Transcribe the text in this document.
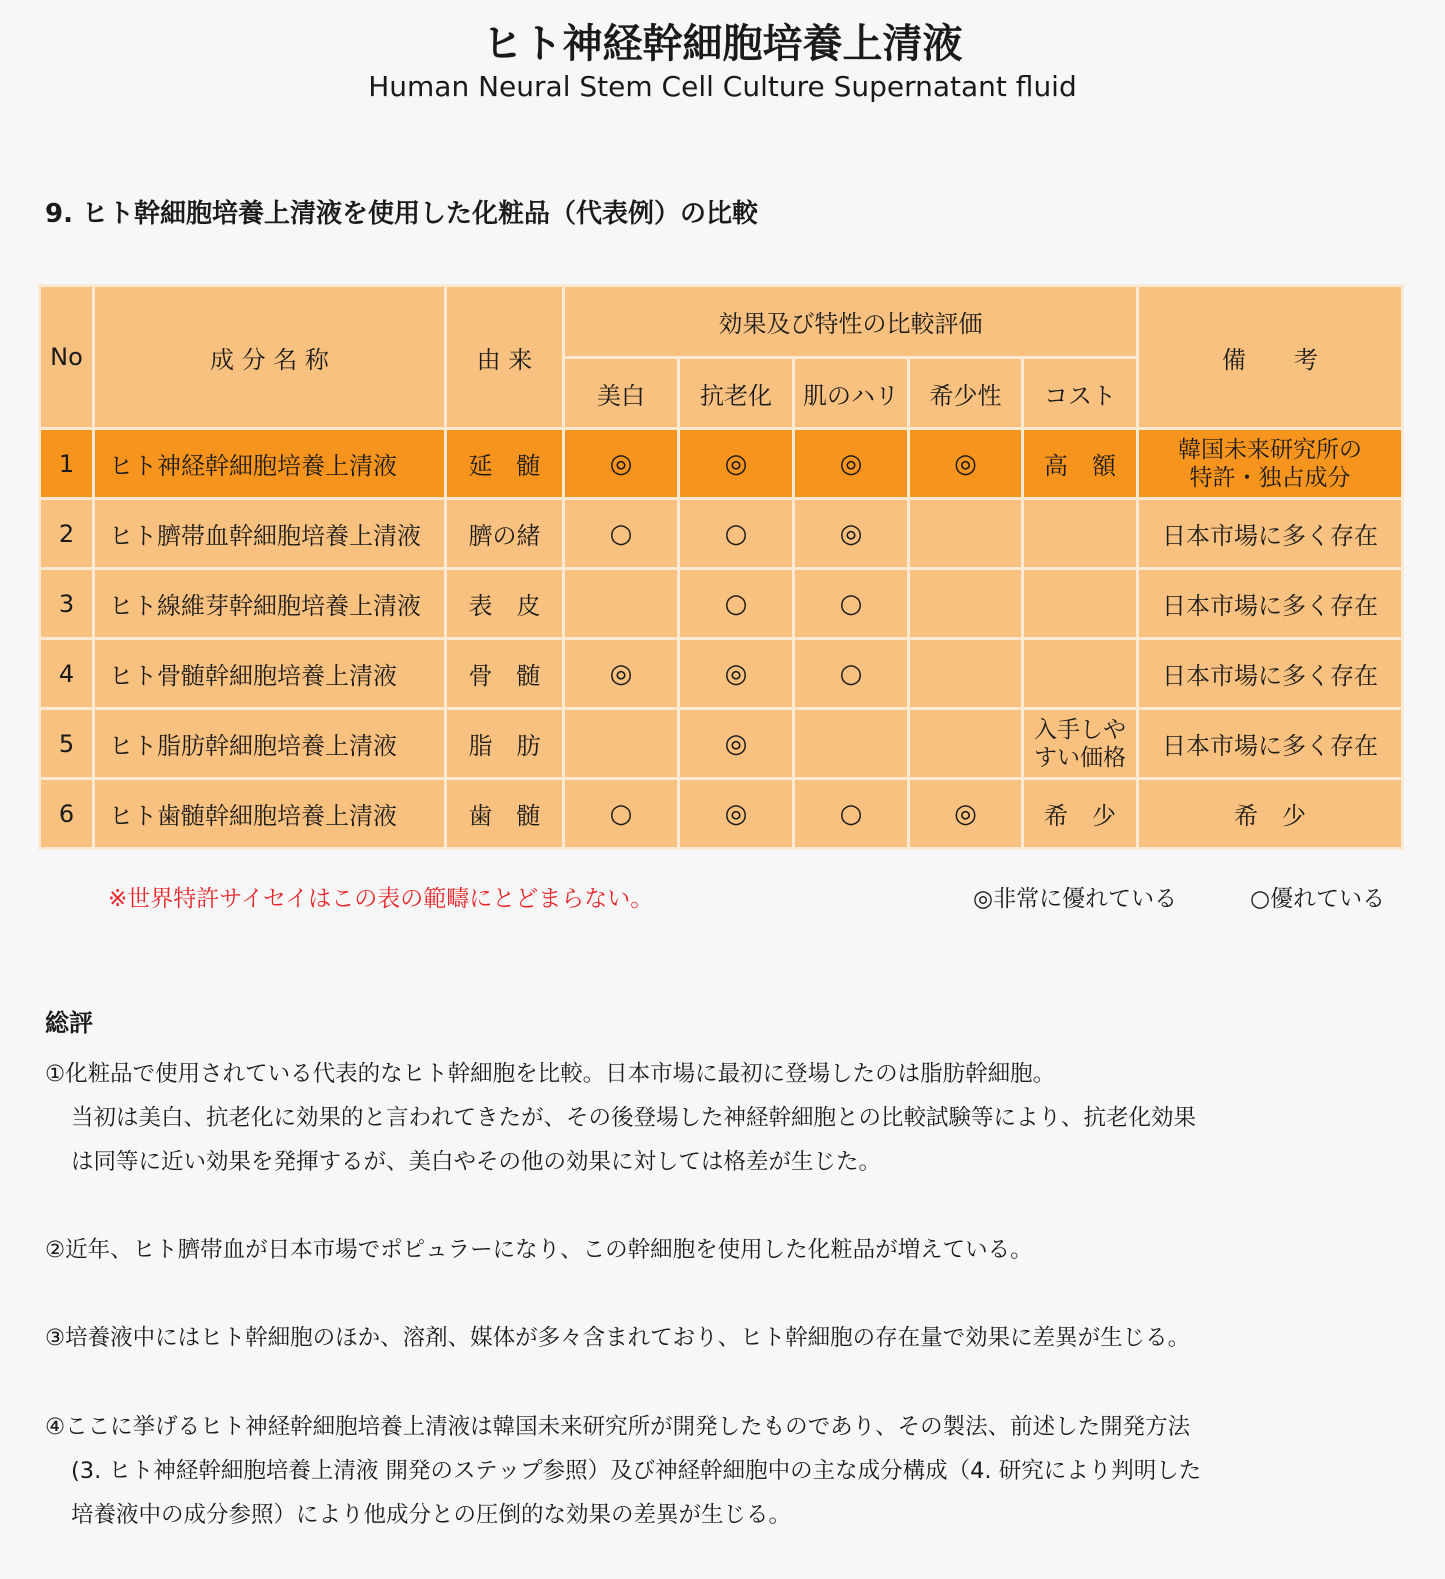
ヒト神経幹細胞培養上清液
Human Neural Stem Cell Culture Supernatant fluid
9. ヒト幹細胞培養上清液を使用した化粧品（代表例）の比較
No	成 分 名 称	由 来	効果及び特性の比較評価					備　　考
			美白	抗老化	肌のハリ	希少性	コスト	
1	ヒト神経幹細胞培養上清液	延　髄	◎	◎	◎	◎	高　額	韓国未来研究所の
特許・独占成分
2	ヒト臍帯血幹細胞培養上清液	臍の緒	○	○	◎			日本市場に多く存在
3	ヒト線維芽幹細胞培養上清液	表　皮		○	○			日本市場に多く存在
4	ヒト骨髄幹細胞培養上清液	骨　髄	◎	◎	○			日本市場に多く存在
5	ヒト脂肪幹細胞培養上清液	脂　肪		◎			入手しや
すい価格	日本市場に多く存在
6	ヒト歯髄幹細胞培養上清液	歯　髄	○	◎	○	◎	希　少	希　少
※世界特許サイセイはこの表の範疇にとどまらない。	◎非常に優れている	○優れている
総評
①化粧品で使用されている代表的なヒト幹細胞を比較。日本市場に最初に登場したのは脂肪幹細胞。
当初は美白、抗老化に効果的と言われてきたが、その後登場した神経幹細胞との比較試験等により、抗老化効果
は同等に近い効果を発揮するが、美白やその他の効果に対しては格差が生じた。
②近年、ヒト臍帯血が日本市場でポピュラーになり、この幹細胞を使用した化粧品が増えている。
③培養液中にはヒト幹細胞のほか、溶剤、媒体が多々含まれており、ヒト幹細胞の存在量で効果に差異が生じる。
④ここに挙げるヒト神経幹細胞培養上清液は韓国未来研究所が開発したものであり、その製法、前述した開発方法
(3. ヒト神経幹細胞培養上清液 開発のステップ参照）及び神経幹細胞中の主な成分構成（4. 研究により判明した
培養液中の成分参照）により他成分との圧倒的な効果の差異が生じる。
